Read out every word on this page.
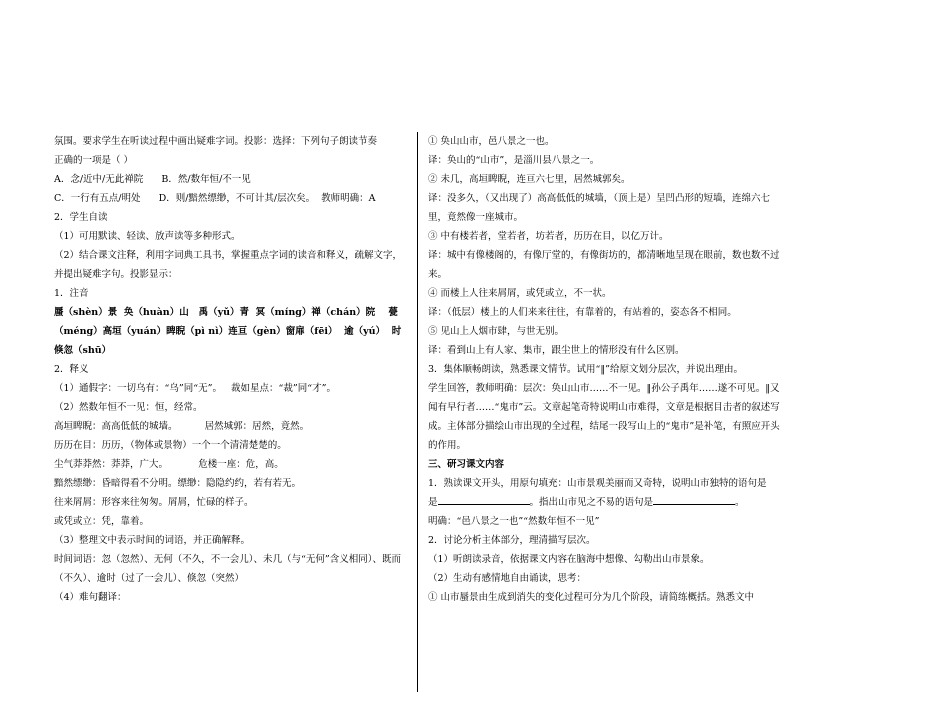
氛围。要求学生在听读过程中画出疑难字词。投影：选择：下列句子朗读节奏
正确的一项是（ ）
A．念/近中/无此禅院      B．然/数年恒/不一见
C．一行有五点/明处      D．则/黯然缥缈，不可计其/层次矣。  教师明确：A
2．学生自读
（1）可用默读、轻读、放声读等多种形式。
（2）结合课文注释，利用字词典工具书，掌握重点字词的读音和释义，疏解文字，并提出疑难字句。投影显示：
1．注音
蜃（shèn）景  奂（huàn）山   禹（yǔ）青  冥（míng）禅（chán）院    甍（méng）高垣（yuán）睥睨（pì nì）连亘（gèn）窗扉（fēi）  逾（yú）  时倏忽（shū）
2．释义
（1）通假字：一切乌有：“乌”同“无”。   裁如星点：“裁”同“才”。
（2）然数年恒不一见：恒，经常。
高垣睥睨：高高低低的城墙。         居然城郭：居然，竟然。
历历在目：历历，（物体或景物）一个一个清清楚楚的。
尘气莽莽然：莽莽，广大。          危楼一座：危，高。
黯然缥缈：昏暗得看不分明。缥缈：隐隐约约，若有若无。
往来屑屑：形容来往匆匆。屑屑，忙碌的样子。
或凭或立：凭，靠着。
（3）整理文中表示时间的词语，并正确解释。
时间词语：忽（忽然）、无何（不久，不一会儿）、未几（与“无何”含义相同）、既而（不久）、逾时（过了一会儿）、倏忽（突然）
（4）难句翻译：
① 奂山山市，邑八景之一也。
译：奂山的“山市”，是淄川县八景之一。
② 未几，高垣睥睨，连亘六七里，居然城郭矣。
译：没多久，（又出现了）高高低低的城墙，（顶上是）呈凹凸形的短墙，连绵六七里，竟然像一座城市。
③ 中有楼若者，堂若者，坊若者，历历在目，以亿万计。
译：城中有像楼阁的，有像厅堂的，有像街坊的，都清晰地呈现在眼前，数也数不过来。
④ 而楼上人往来屑屑，或凭或立，不一状。
译：（低层）楼上的人们来来往往，有靠着的，有站着的，姿态各不相同。
⑤ 见山上人烟市肆，与世无别。
译：看到山上有人家、集市，跟尘世上的情形没有什么区别。
3．集体顺畅朗读，熟悉课文情节。试用“‖”给原文划分层次，并说出理由。
学生回答，教师明确：层次：奂山山市……不一见。‖孙公子禹年……遂不可见。‖又闻有早行者……“鬼市”云。文章起笔奇特说明山市难得，文章是根据目击者的叙述写成。主体部分描绘山市出现的全过程，结尾一段写山上的“鬼市”是补笔，有照应开头的作用。
三、研习课文内容
1．熟读课文开头，用原句填充：山市景观美丽而又奇特，说明山市独特的语句是
是	。指出山市见之不易的语句是	。
明确：“邑八景之一也”“然数年恒不一见”
2．讨论分析主体部分，理清描写层次。
（1）听朗读录音，依据课文内容在脑海中想像、勾勒出山市景象。
（2）生动有感情地自由诵读，思考：
① 山市蜃景由生成到消失的变化过程可分为几个阶段，请简练概括。熟悉文中
